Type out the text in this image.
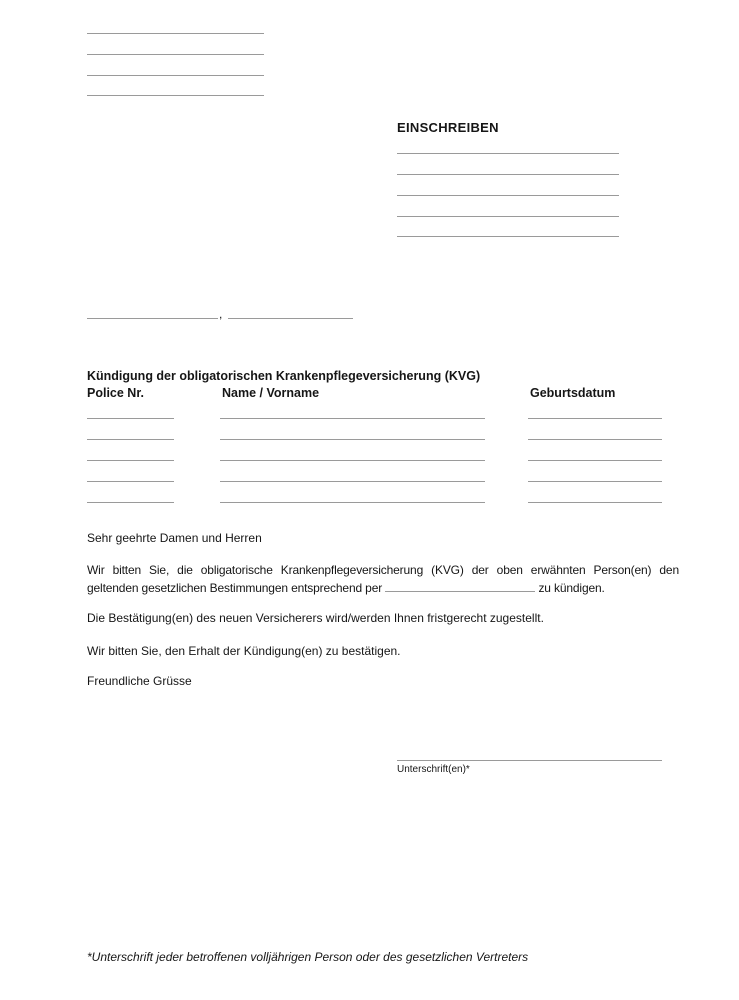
EINSCHREIBEN
,
Kündigung der obligatorischen Krankenpflegeversicherung (KVG)
Police Nr.	Name / Vorname	Geburtsdatum

Sehr geehrte Damen und Herren

Wir bitten Sie, die obligatorische Krankenpflegeversicherung (KVG) der oben erwähnten Person(en) den geltenden gesetzlichen Bestimmungen entsprechend per	zu kündigen.

Die Bestätigung(en) des neuen Versicherers wird/werden Ihnen fristgerecht zugestellt.

Wir bitten Sie, den Erhalt der Kündigung(en) zu bestätigen.

Freundliche Grüsse

Unterschrift(en)*
*Unterschrift jeder betroffenen volljährigen Person oder des gesetzlichen Vertreters
